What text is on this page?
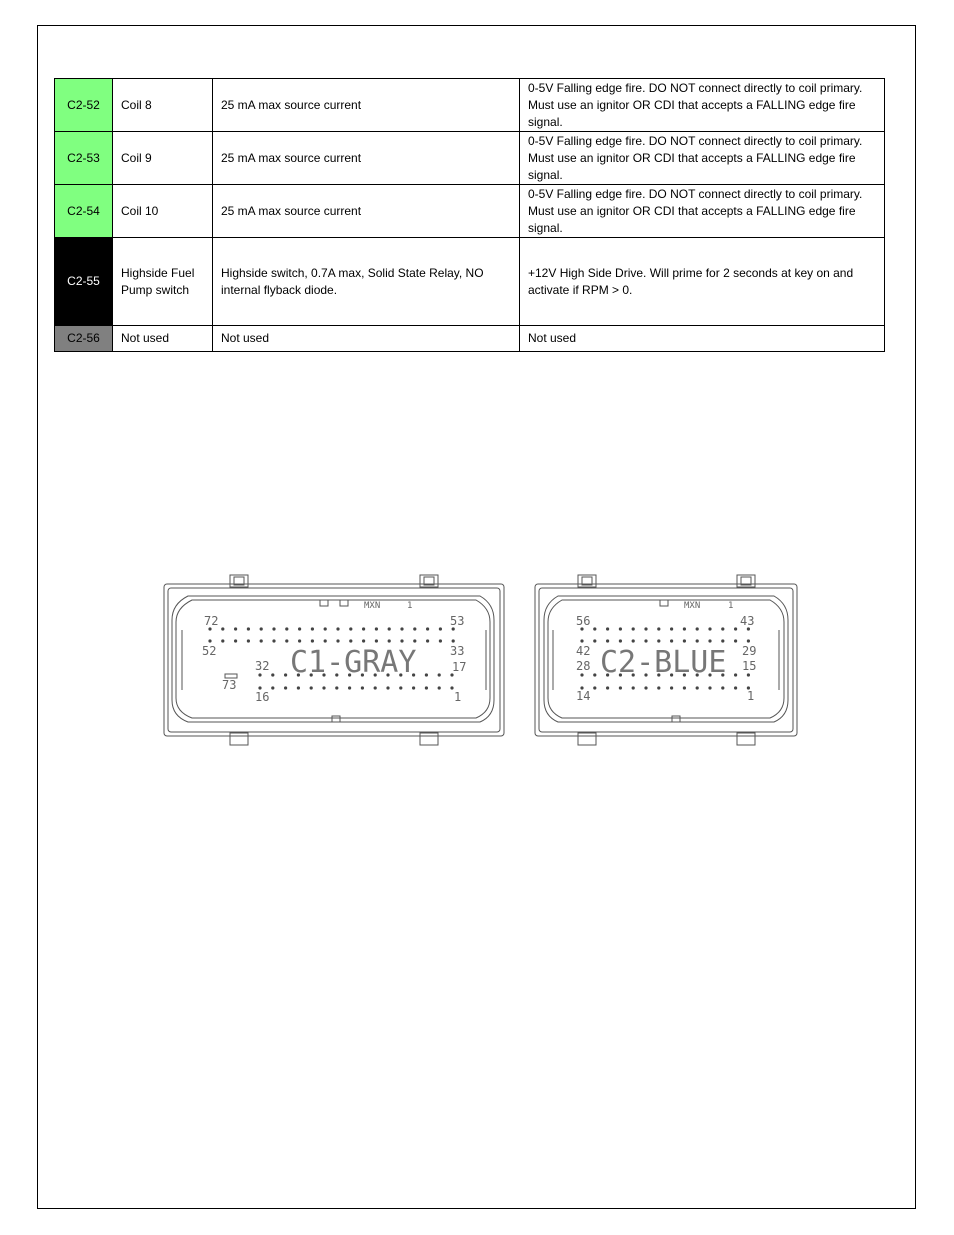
C2-52	Coil 8	25 mA max source current	0-5V Falling edge fire. DO NOT connect directly to coil primary. Must use an ignitor OR CDI that accepts a FALLING edge fire signal.
C2-53	Coil 9	25 mA max source current	0-5V Falling edge fire. DO NOT connect directly to coil primary. Must use an ignitor OR CDI that accepts a FALLING edge fire signal.
C2-54	Coil 10	25 mA max source current	0-5V Falling edge fire. DO NOT connect directly to coil primary. Must use an ignitor OR CDI that accepts a FALLING edge fire signal.
C2-55	Highside Fuel Pump switch	Highside switch, 0.7A max, Solid State Relay, NO internal flyback diode.	+12V High Side Drive. Will prime for 2 seconds at key on and activate if RPM > 0.
C2-56	Not used	Not used	Not used
MXN	1
72	53
52	33
32	17
73
16	1
C1-GRAY
MXN	1
56	43
42	29
28	15
14	1
C2-BLUE
